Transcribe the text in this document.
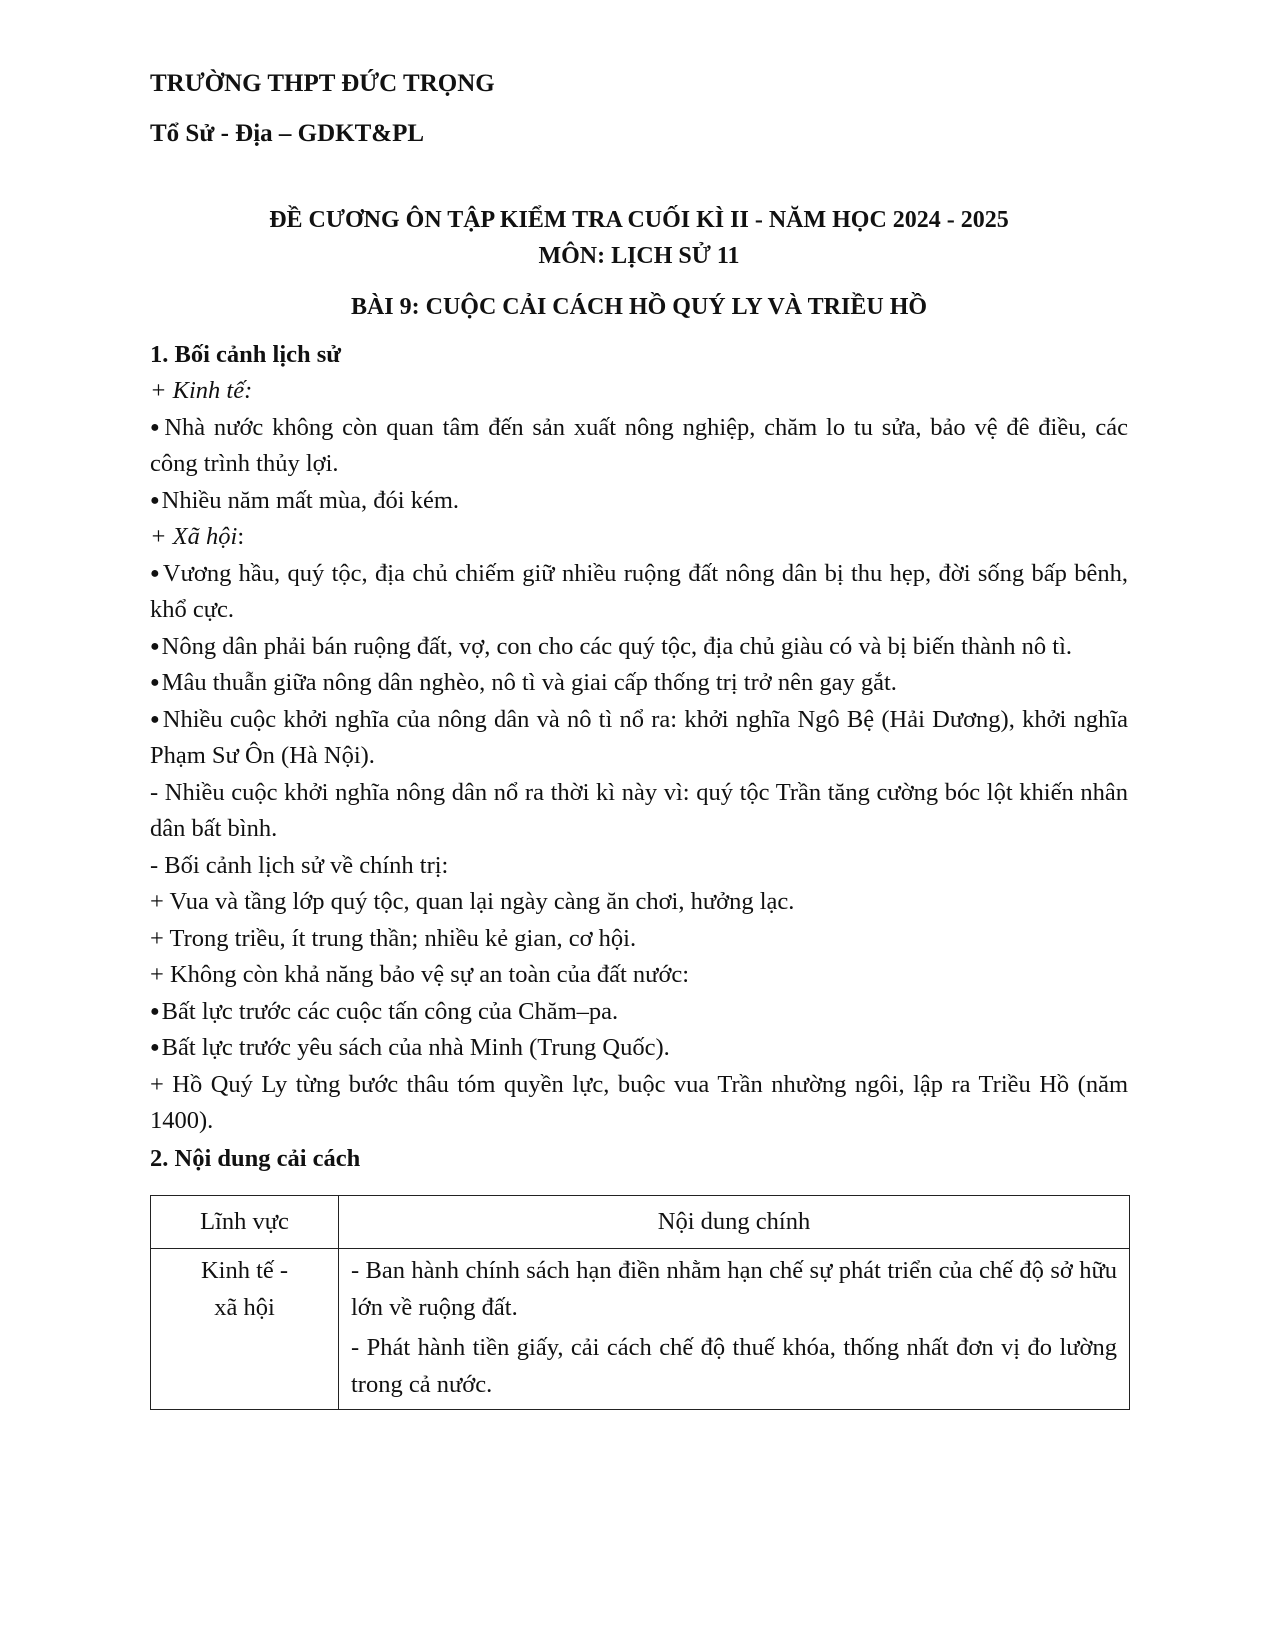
TRƯỜNG THPT ĐỨC TRỌNG

Tổ Sử - Địa – GDKT&PL

ĐỀ CƯƠNG ÔN TẬP KIỂM TRA CUỐI KÌ II - NĂM HỌC 2024 - 2025
MÔN: LỊCH SỬ 11
BÀI 9: CUỘC CẢI CÁCH HỒ QUÝ LY VÀ TRIỀU HỒ
1. Bối cảnh lịch sử
+ Kinh tế:
● Nhà nước không còn quan tâm đến sản xuất nông nghiệp, chăm lo tu sửa, bảo vệ đê điều, các công trình thủy lợi.
● Nhiều năm mất mùa, đói kém.
+ Xã hội:
● Vương hầu, quý tộc, địa chủ chiếm giữ nhiều ruộng đất nông dân bị thu hẹp, đời sống bấp bênh, khổ cực.
● Nông dân phải bán ruộng đất, vợ, con cho các quý tộc, địa chủ giàu có và bị biến thành nô tì.
● Mâu thuẫn giữa nông dân nghèo, nô tì và giai cấp thống trị trở nên gay gắt.
● Nhiều cuộc khởi nghĩa của nông dân và nô tì nổ ra: khởi nghĩa Ngô Bệ (Hải Dương), khởi nghĩa Phạm Sư Ôn (Hà Nội).
- Nhiều cuộc khởi nghĩa nông dân nổ ra thời kì này vì: quý tộc Trần tăng cường bóc lột khiến nhân dân bất bình.
- Bối cảnh lịch sử về chính trị:
+ Vua và tầng lớp quý tộc, quan lại ngày càng ăn chơi, hưởng lạc.
+ Trong triều, ít trung thần; nhiều kẻ gian, cơ hội.
+ Không còn khả năng bảo vệ sự an toàn của đất nước:
● Bất lực trước các cuộc tấn công của Chăm–pa.
● Bất lực trước yêu sách của nhà Minh (Trung Quốc).
+ Hồ Quý Ly từng bước thâu tóm quyền lực, buộc vua Trần nhường ngôi, lập ra Triều Hồ (năm 1400).
2. Nội dung cải cách
Lĩnh vực	Nội dung chính

Kinh tế -
xã hội	- Ban hành chính sách hạn điền nhằm hạn chế sự phát triển của chế độ sở hữu lớn về ruộng đất.
- Phát hành tiền giấy, cải cách chế độ thuế khóa, thống nhất đơn vị đo lường trong cả nước.
